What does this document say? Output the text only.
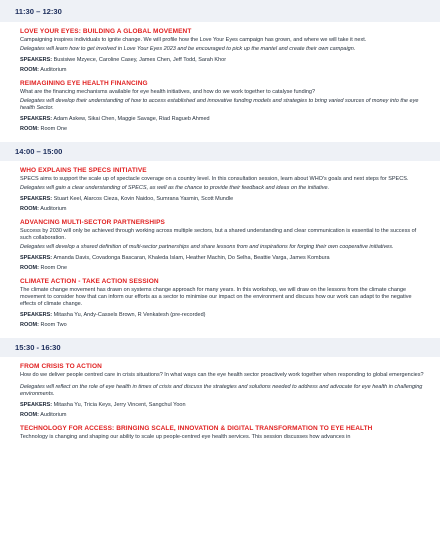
11:30 – 12:30
LOVE YOUR EYES: BUILDING A GLOBAL MOVEMENT
Campaigning inspires individuals to ignite change. We will profile how the Love Your Eyes campaign has grown, and where we will take it next.
Delegates will learn how to get involved in Love Your Eyes 2023 and be encouraged to pick up the mantel and create their own campaign.
SPEAKERS: Busisiwe Mzyece, Caroline Casey, James Chen, Jeff Todd, Sarah Khor
ROOM: Auditorium
REIMAGINING EYE HEALTH FINANCING
What are the financing mechanisms available for eye health initiatives, and how do we work together to catalyse funding?
Delegates will develop their understanding of how to access established and innovative funding models and strategies to bring varied sources of money into the eye health Sector.
SPEAKERS: Adam Askew, Sikai Chen, Maggie Savage, Riad Ragueb Ahmed
ROOM: Room One
14:00 – 15:00
WHO EXPLAINS THE SPECS INITIATIVE
SPECS aims to support the scale up of spectacle coverage on a country level. In this consultation session, learn about WHO's goals and next steps for SPECS.
Delegates will gain a clear understanding of SPECS, as well as the chance to provide their feedback and ideas on the initiative.
SPEAKERS: Stuart Keel, Alarcos Cieza, Kovin Naidoo, Sumrana Yasmin, Scott Mundle
ROOM: Auditorium
ADVANCING MULTI-SECTOR PARTNERSHIPS
Success by 2030 will only be achieved through working across multiple sectors, but a shared understanding and clear communication is essential to the success of such collaboration.
Delegates will develop a shared definition of multi-sector partnerships and share lessons from and inspirations for forging their own cooperative initiatives.
SPEAKERS: Amanda Davis, Covadonga Bascaran, Khaleda Islam, Heather Machin, Do Selha, Beattie Varga, James Kombura
ROOM: Room One
CLIMATE ACTION - TAKE ACTION SESSION
The climate change movement has drawn on systems change approach for many years. In this workshop, we will draw on the lessons from the climate change movement to consider how that can inform our efforts as a sector to minimise our impact on the environment and discuss how our work can adapt to the negative effects of climate change.
SPEAKERS: Mitasha Yu, Andy-Cassels Brown, R Venkatesh (pre-recorded)
ROOM: Room Two
15:30 - 16:30
FROM CRISIS TO ACTION
How do we deliver people centred care in crisis situations? In what ways can the eye health sector proactively work together when responding to global emergencies?
Delegates will reflect on the role of eye health in times of crisis and discuss the strategies and solutions needed to address and advocate for eye health in challenging environments.
SPEAKERS: Mitasha Yu, Tricia Keys, Jerry Vincent, Sangchul Yoon
ROOM: Auditorium
TECHNOLOGY FOR ACCESS: BRINGING SCALE, INNOVATION & DIGITAL TRANSFORMATION TO EYE HEALTH
Technology is changing and shaping our ability to scale up people-centred eye health services. This session discusses how advances in
